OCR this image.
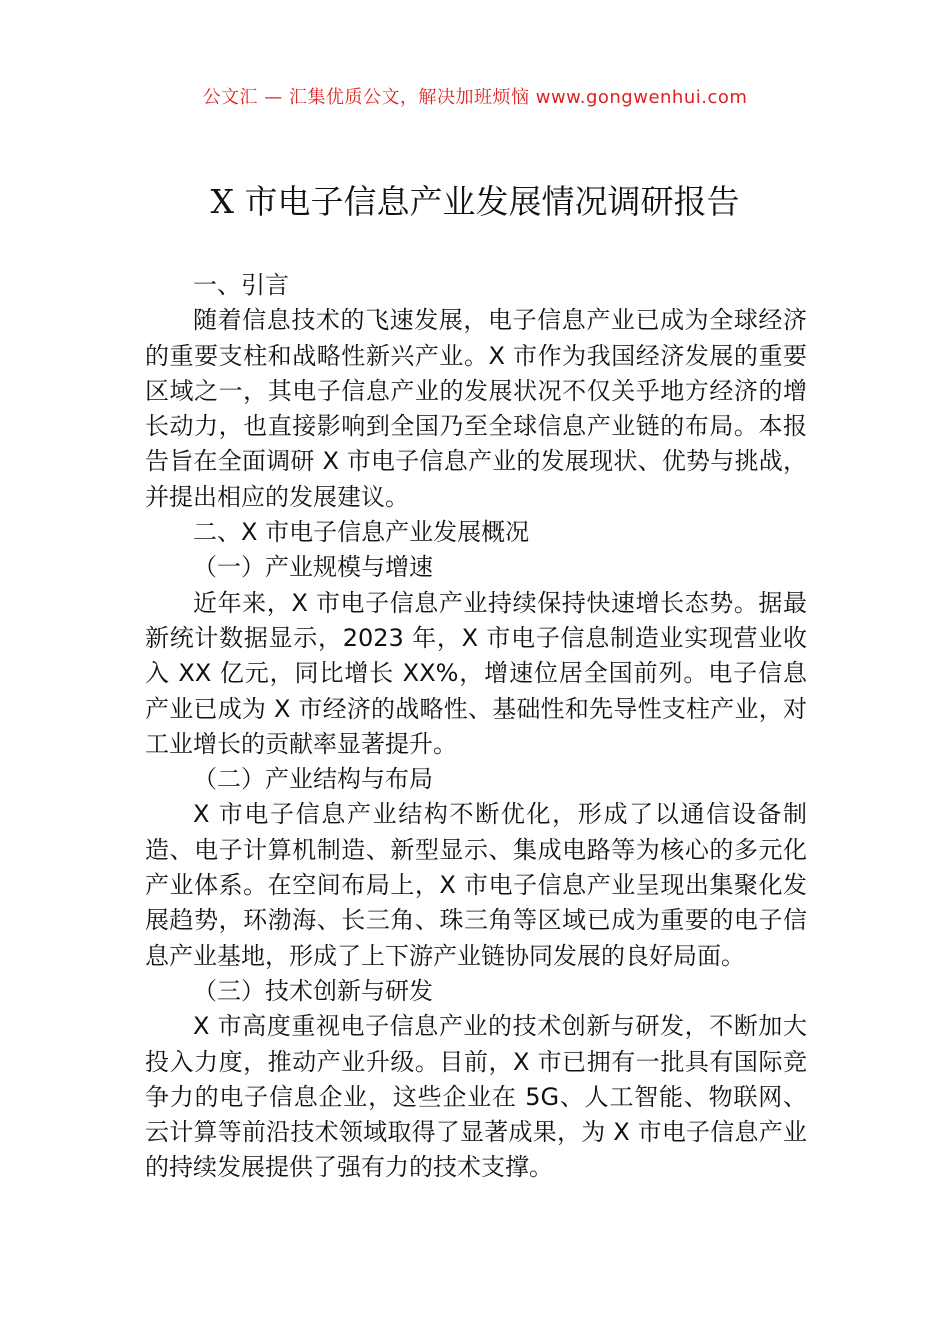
公文汇 — 汇集优质公文，解决加班烦恼 www.gongwenhui.com
X 市电子信息产业发展情况调研报告

一、引言

随着信息技术的飞速发展，电子信息产业已成为全球经济的重要支柱和战略性新兴产业。X 市作为我国经济发展的重要区域之一，其电子信息产业的发展状况不仅关乎地方经济的增长动力，也直接影响到全国乃至全球信息产业链的布局。本报告旨在全面调研 X 市电子信息产业的发展现状、优势与挑战，并提出相应的发展建议。

二、X 市电子信息产业发展概况

（一）产业规模与增速

近年来，X 市电子信息产业持续保持快速增长态势。据最新统计数据显示，2023 年，X 市电子信息制造业实现营业收入 XX 亿元，同比增长 XX%，增速位居全国前列。电子信息产业已成为 X 市经济的战略性、基础性和先导性支柱产业，对工业增长的贡献率显著提升。

（二）产业结构与布局

X 市电子信息产业结构不断优化，形成了以通信设备制造、电子计算机制造、新型显示、集成电路等为核心的多元化产业体系。在空间布局上，X 市电子信息产业呈现出集聚化发展趋势，环渤海、长三角、珠三角等区域已成为重要的电子信息产业基地，形成了上下游产业链协同发展的良好局面。

（三）技术创新与研发

X 市高度重视电子信息产业的技术创新与研发，不断加大投入力度，推动产业升级。目前，X 市已拥有一批具有国际竞争力的电子信息企业，这些企业在 5G、人工智能、物联网、云计算等前沿技术领域取得了显著成果，为 X 市电子信息产业的持续发展提供了强有力的技术支撑。
